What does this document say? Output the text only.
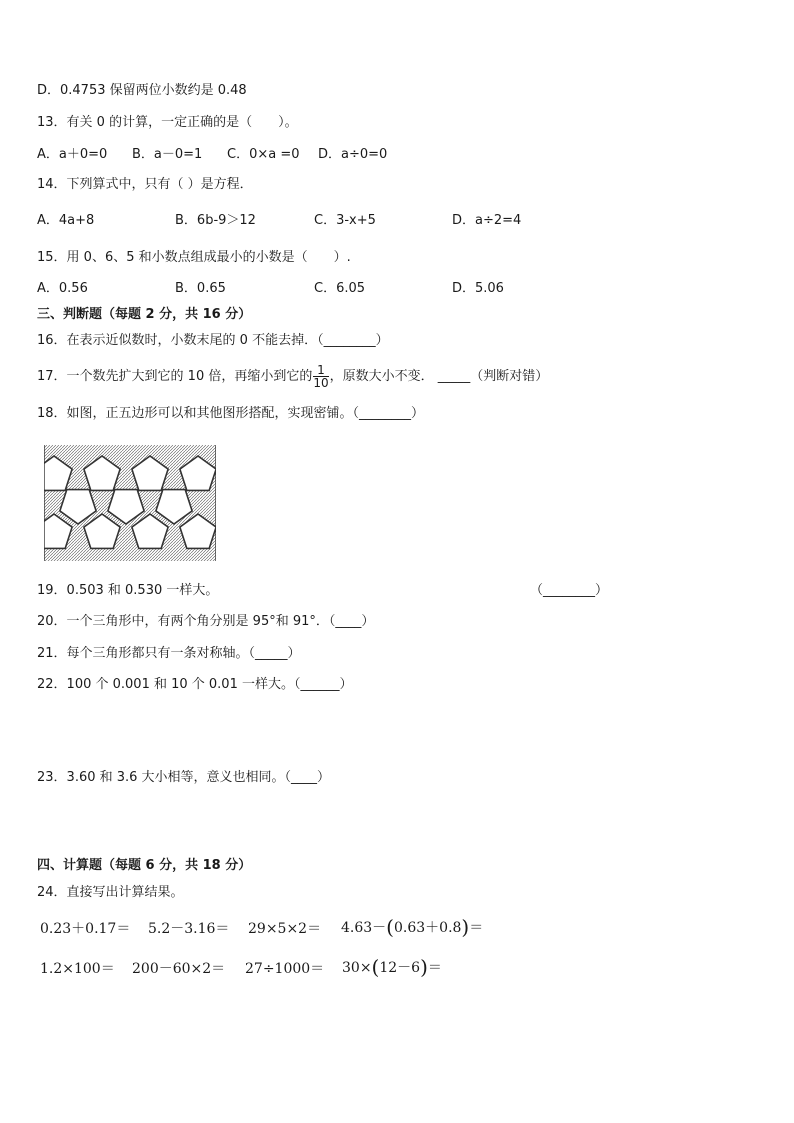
D．0.4753 保留两位小数约是 0.48
13．有关 0 的计算，一定正确的是（　　）。
A．a＋0=0 B．a－0=1 C．0×a =0 D．a÷0=0
14．下列算式中，只有（ ）是方程．
A．4a+8	B．6b-9＞12	C．3-x+5	D．a÷2=4
15．用 0、6、5 和小数点组成最小的小数是（　　）.
A．0.56	B．0.65	C．6.05	D．5.06
三、判断题（每题 2 分，共 16 分）
16．在表示近似数时，小数末尾的 0 不能去掉．（________）
17．一个数先扩大到它的 10 倍，再缩小到它的 $\frac{1}{10}$ ，原数大小不变． _____（判断对错）
18．如图，正五边形可以和其他图形搭配，实现密铺。（________）
19．0.503 和 0.530 一样大。	（________）
20．一个三角形中，有两个角分别是 95°和 91°．（____）
21．每个三角形都只有一条对称轴。（_____）
22．100 个 0.001 和 10 个 0.01 一样大。（______）
23．3.60 和 3.6 大小相等，意义也相同。（____）
四、计算题（每题 6 分，共 18 分）
24．直接写出计算结果。
0.23＋0.17＝ 5.2－3.16＝ 29×5×2＝ 4.63－(0.63＋0.8)＝
1.2×100＝ 200－60×2＝ 27÷1000＝ 30×(12－6)＝
